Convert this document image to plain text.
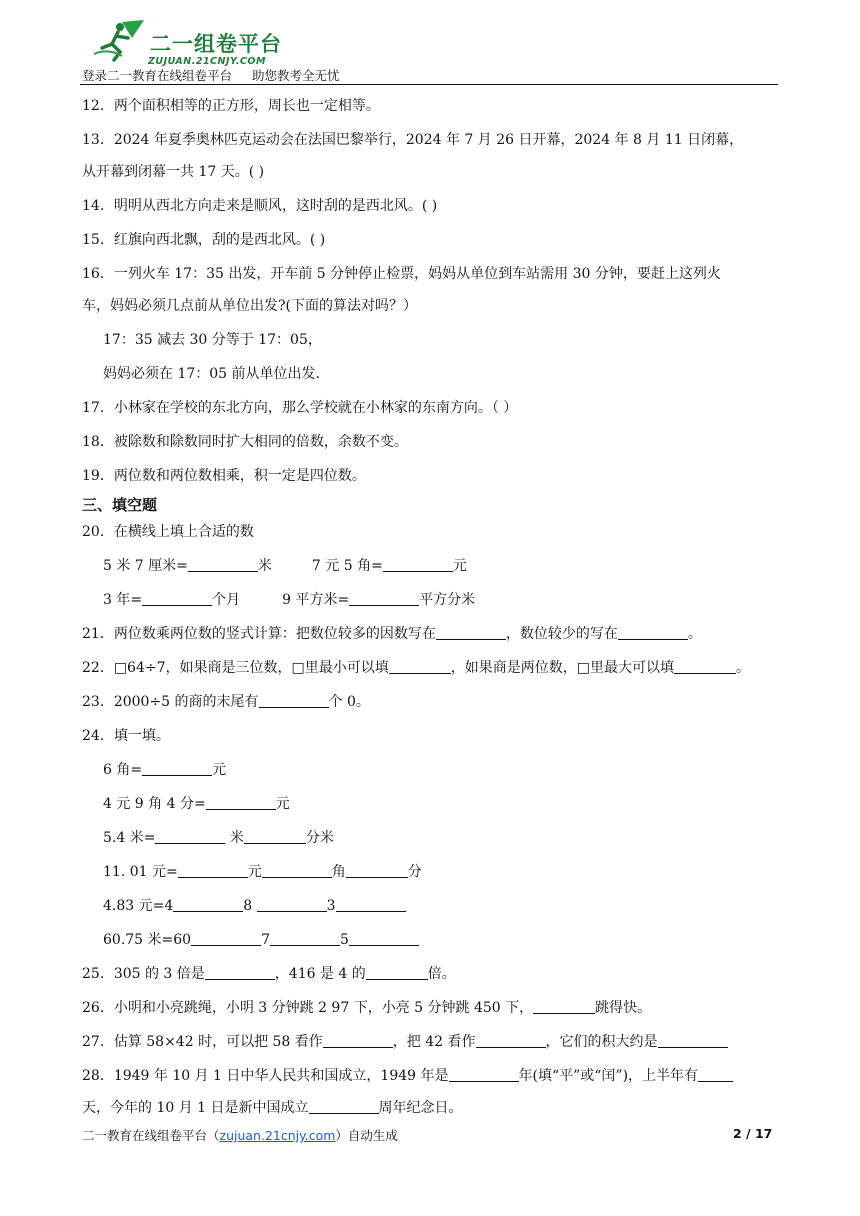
二一组卷平台
ZUJUAN.21CNJY.COM
登录二一教育在线组卷平台 助您教考全无忧
12．两个面积相等的正方形，周长也一定相等。
13．2024 年夏季奥林匹克运动会在法国巴黎举行，2024 年 7 月 26 日开幕，2024 年 8 月 11 日闭幕，
从开幕到闭幕一共 17 天。( )
14．明明从西北方向走来是顺风，这时刮的是西北风。( )
15．红旗向西北飘，刮的是西北风。( )
16．一列火车 17：35 出发，开车前 5 分钟停止检票，妈妈从单位到车站需用 30 分钟，要赶上这列火
车，妈妈必须几点前从单位出发?(下面的算法对吗？）
17：35 减去 30 分等于 17：05，
妈妈必须在 17：05 前从单位出发.
17．小林家在学校的东北方向，那么学校就在小林家的东南方向。（ ）
18．被除数和除数同时扩大相同的倍数，余数不变。
19．两位数和两位数相乘，积一定是四位数。
三、填空题
20．在横线上填上合适的数
5 米 7 厘米=	米	7 元 5 角=	元
3 年=	个月	9 平方米=	平方分米
21．两位数乘两位数的竖式计算：把数位较多的因数写在	，数位较少的写在	。
22．□64÷7，如果商是三位数，□里最小可以填	，如果商是两位数，□里最大可以填	。
23．2000÷5 的商的末尾有	个 0。
24．填一填。
6 角=	元
4 元 9 角 4 分=	元
5.4 米=	米	分米
11. 01 元=	元	角	分
4.83 元=4	8	3
60.75 米=60	7	5
25．305 的 3 倍是	，416 是 4 的	倍。
26．小明和小亮跳绳，小明 3 分钟跳 2 97 下，小亮 5 分钟跳 450 下，	跳得快。
27．估算 58×42 时，可以把 58 看作	，把 42 看作	，它们的积大约是
28．1949 年 10 月 1 日中华人民共和国成立，1949 年是	年(填“平”或“闰”)，上半年有
天，今年的 10 月 1 日是新中国成立	周年纪念日。
二一教育在线组卷平台（zujuan.21cnjy.com）自动生成	2 / 17
